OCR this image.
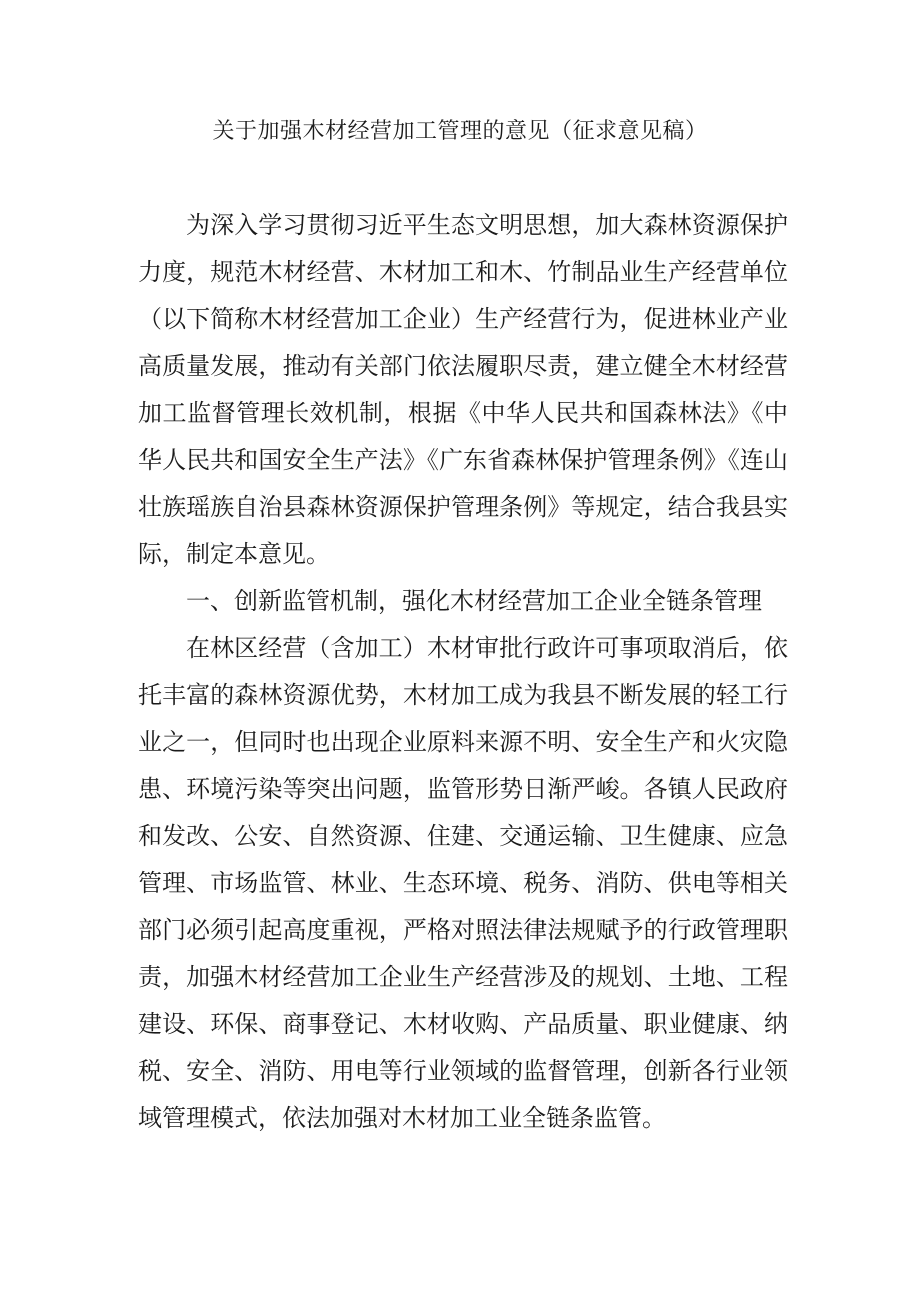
关于加强木材经营加工管理的意见（征求意见稿）

为深入学习贯彻习近平生态文明思想，加大森林资源保护力度，规范木材经营、木材加工和木、竹制品业生产经营单位（以下简称木材经营加工企业）生产经营行为，促进林业产业高质量发展，推动有关部门依法履职尽责，建立健全木材经营加工监督管理长效机制，根据《中华人民共和国森林法》《中华人民共和国安全生产法》《广东省森林保护管理条例》《连山壮族瑶族自治县森林资源保护管理条例》等规定，结合我县实际，制定本意见。

一、创新监管机制，强化木材经营加工企业全链条管理

在林区经营（含加工）木材审批行政许可事项取消后，依托丰富的森林资源优势，木材加工成为我县不断发展的轻工行业之一，但同时也出现企业原料来源不明、安全生产和火灾隐患、环境污染等突出问题，监管形势日渐严峻。各镇人民政府和发改、公安、自然资源、住建、交通运输、卫生健康、应急管理、市场监管、林业、生态环境、税务、消防、供电等相关部门必须引起高度重视，严格对照法律法规赋予的行政管理职责，加强木材经营加工企业生产经营涉及的规划、土地、工程建设、环保、商事登记、木材收购、产品质量、职业健康、纳税、安全、消防、用电等行业领域的监督管理，创新各行业领域管理模式，依法加强对木材加工业全链条监管。
